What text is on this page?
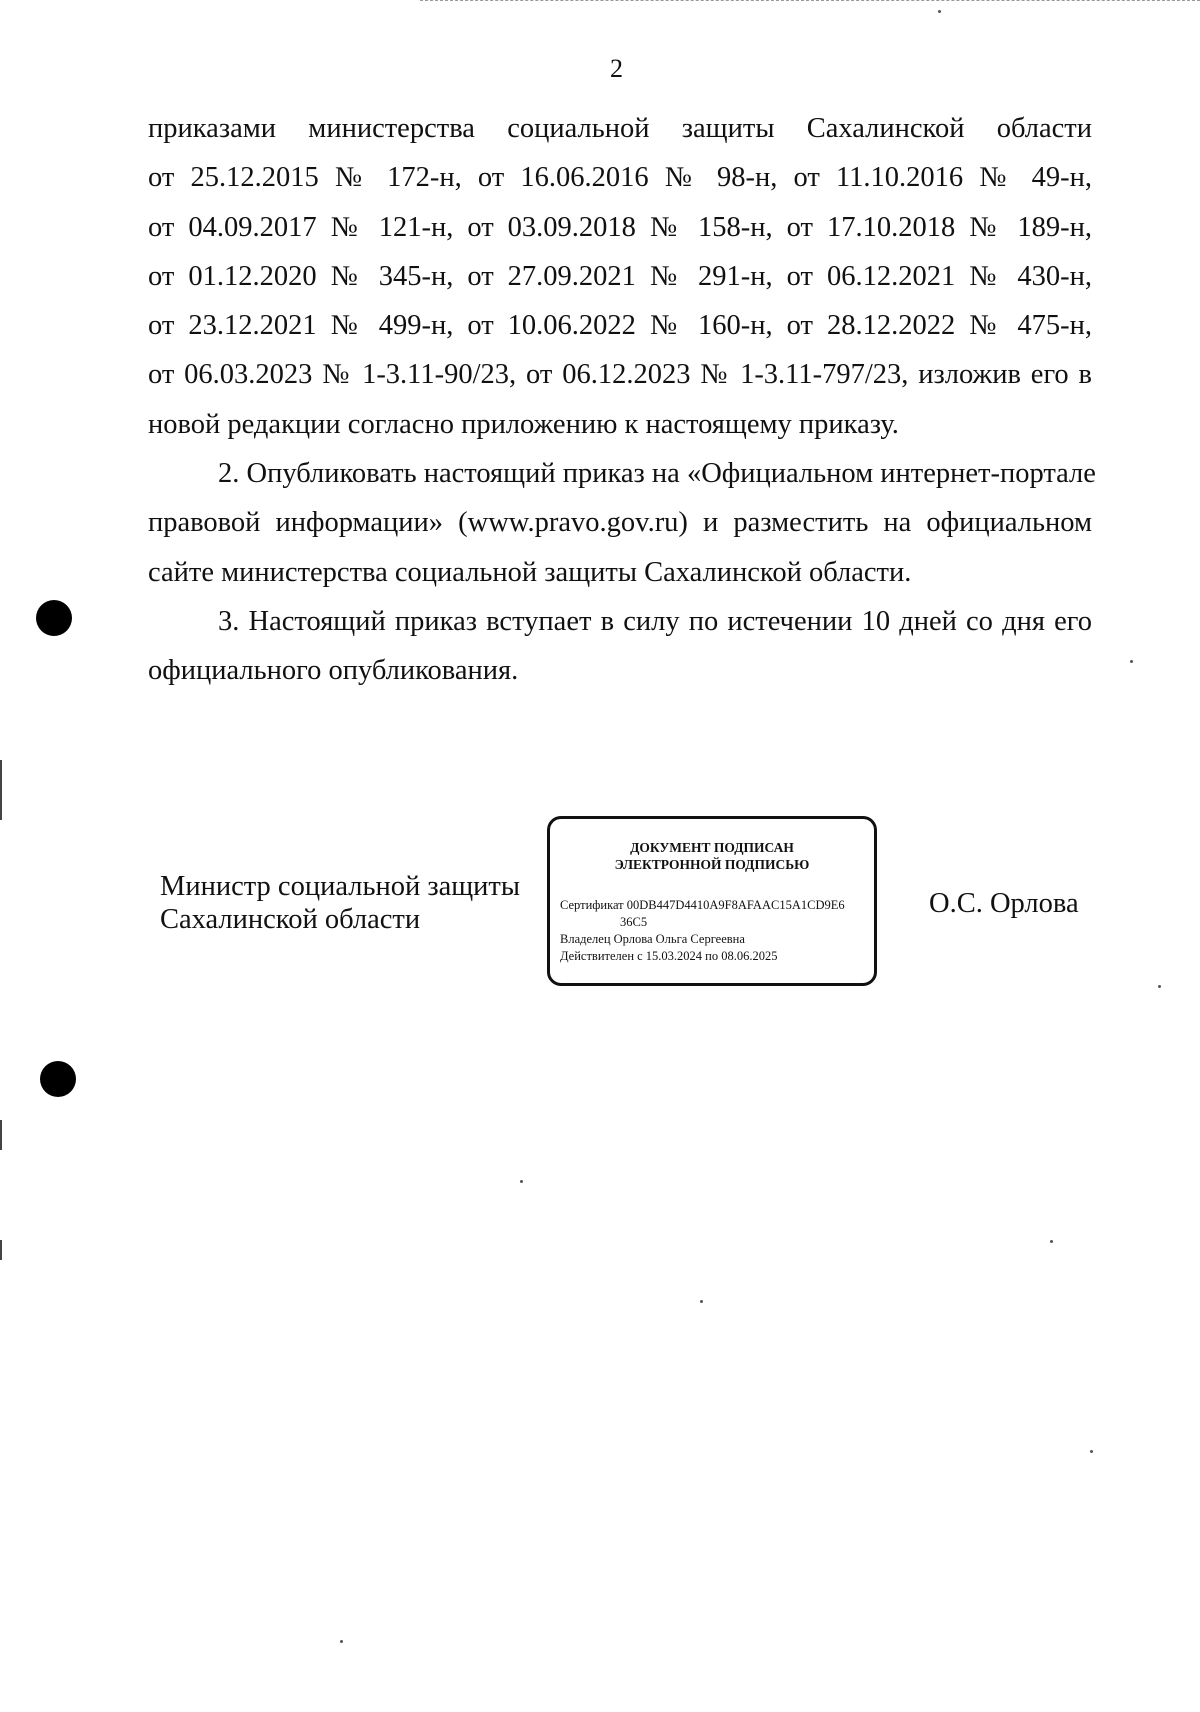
2
приказами министерства социальной защиты Сахалинской области
от 25.12.2015 № 172-н, от 16.06.2016 № 98-н, от 11.10.2016 № 49-н,
от 04.09.2017 № 121-н, от 03.09.2018 № 158-н, от 17.10.2018 № 189-н,
от 01.12.2020 № 345-н, от 27.09.2021 № 291-н, от 06.12.2021 № 430-н,
от 23.12.2021 № 499-н, от 10.06.2022 № 160-н, от 28.12.2022 № 475-н,
от 06.03.2023 № 1-3.11-90/23, от 06.12.2023 № 1-3.11-797/23, изложив его в
новой редакции согласно приложению к настоящему приказу.
2. Опубликовать настоящий приказ на «Официальном интернет-портале
правовой информации» (www.pravo.gov.ru) и разместить на официальном
сайте министерства социальной защиты Сахалинской области.
3. Настоящий приказ вступает в силу по истечении 10 дней со дня его
официального опубликования.
Министр социальной защиты
Сахалинской области
ДОКУМЕНТ ПОДПИСАН
ЭЛЕКТРОННОЙ ПОДПИСЬЮ
Сертификат 00DB447D4410A9F8AFAAC15A1CD9E6
36C5
Владелец Орлова Ольга Сергеевна
Действителен с 15.03.2024 по 08.06.2025
О.С. Орлова
